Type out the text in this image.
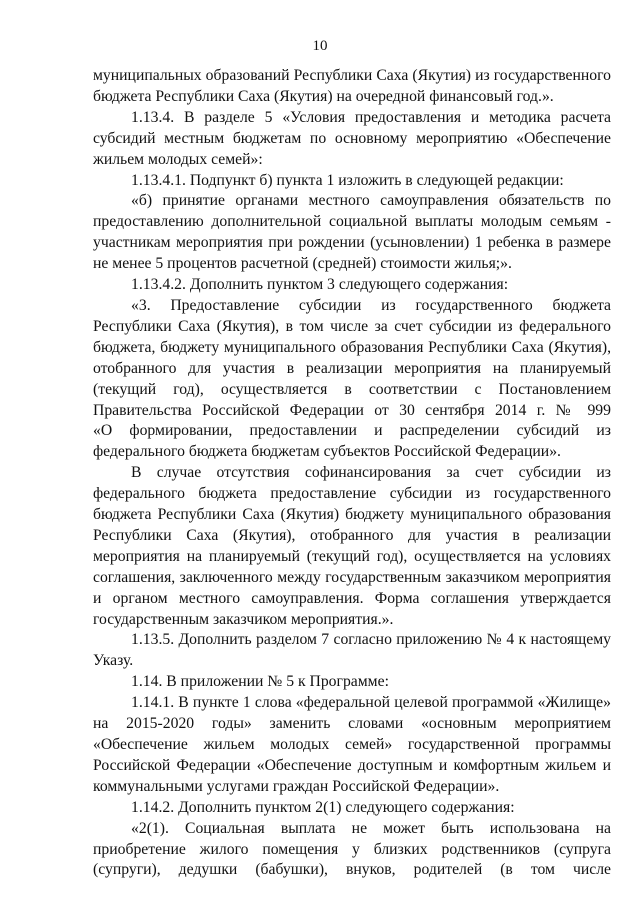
10
муниципальных образований Республики Саха (Якутия) из государственного
бюджета Республики Саха (Якутия) на очередной финансовый год.».
1.13.4. В разделе 5 «Условия предоставления и методика расчета
субсидий местным бюджетам по основному мероприятию «Обеспечение
жильем молодых семей»:
1.13.4.1. Подпункт б) пункта 1 изложить в следующей редакции:
«б) принятие органами местного самоуправления обязательств по
предоставлению дополнительной социальной выплаты молодым семьям -
участникам мероприятия при рождении (усыновлении) 1 ребенка в размере
не менее 5 процентов расчетной (средней) стоимости жилья;».
1.13.4.2. Дополнить пунктом 3 следующего содержания:
«3. Предоставление субсидии из государственного бюджета
Республики Саха (Якутия), в том числе за счет субсидии из федерального
бюджета, бюджету муниципального образования Республики Саха (Якутия),
отобранного для участия в реализации мероприятия на планируемый
(текущий год), осуществляется в соответствии с Постановлением
Правительства Российской Федерации от 30 сентября 2014 г. № 999
«О формировании, предоставлении и распределении субсидий из
федерального бюджета бюджетам субъектов Российской Федерации».
В случае отсутствия софинансирования за счет субсидии из
федерального бюджета предоставление субсидии из государственного
бюджета Республики Саха (Якутия) бюджету муниципального образования
Республики Саха (Якутия), отобранного для участия в реализации
мероприятия на планируемый (текущий год), осуществляется на условиях
соглашения, заключенного между государственным заказчиком мероприятия
и органом местного самоуправления. Форма соглашения утверждается
государственным заказчиком мероприятия.».
1.13.5. Дополнить разделом 7 согласно приложению № 4 к настоящему
Указу.
1.14. В приложении № 5 к Программе:
1.14.1. В пункте 1 слова «федеральной целевой программой «Жилище»
на 2015-2020 годы» заменить словами «основным мероприятием
«Обеспечение жильем молодых семей» государственной программы
Российской Федерации «Обеспечение доступным и комфортным жильем и
коммунальными услугами граждан Российской Федерации».
1.14.2. Дополнить пунктом 2(1) следующего содержания:
«2(1). Социальная выплата не может быть использована на
приобретение жилого помещения у близких родственников (супруга
(супруги), дедушки (бабушки), внуков, родителей (в том числе
